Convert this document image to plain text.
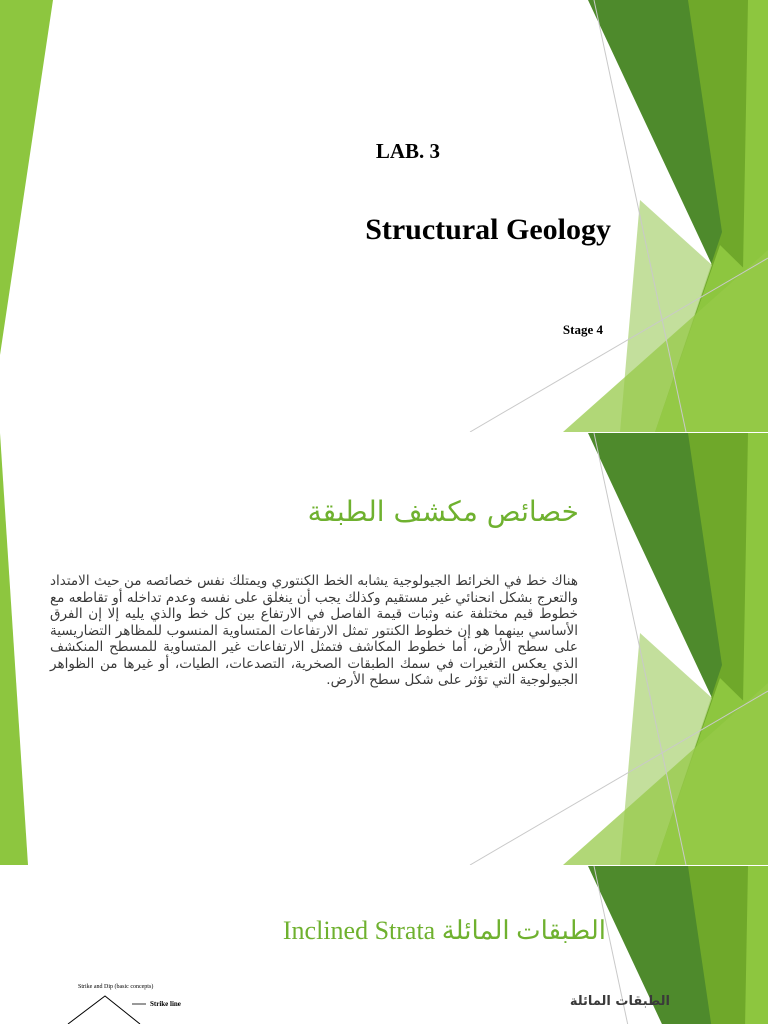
LAB. 3

Structural Geology

Stage 4

خصائص مكشف الطبقة

هناك خط في الخرائط الجيولوجية يشابه الخط الكنتوري ويمتلك نفس خصائصه من حيث الامتداد والتعرج بشكل انحنائي غير مستقيم وكذلك يجب أن ينغلق على نفسه وعدم تداخله أو تقاطعه مع خطوط قيم مختلفة عنه وثبات قيمة الفاصل في الارتفاع بين كل خط والذي يليه إلا إن الفرق الأساسي بينهما هو إن خطوط الكنتور تمثل الارتفاعات المتساوية المنسوب للمظاهر التضاريسية على سطح الأرض، أما خطوط المكاشف فتمثل الارتفاعات غير المتساوية للمسطح المنكشف الذي يعكس التغيرات في سمك الطبقات الصخرية، التصدعات، الطيات، أو غيرها من الظواهر الجيولوجية التي تؤثر على شكل سطح الأرض.

Inclined Strata الطبقات المائلة

Strike and Dip (basic concepts)
Strike line	الطبقات المائلة
